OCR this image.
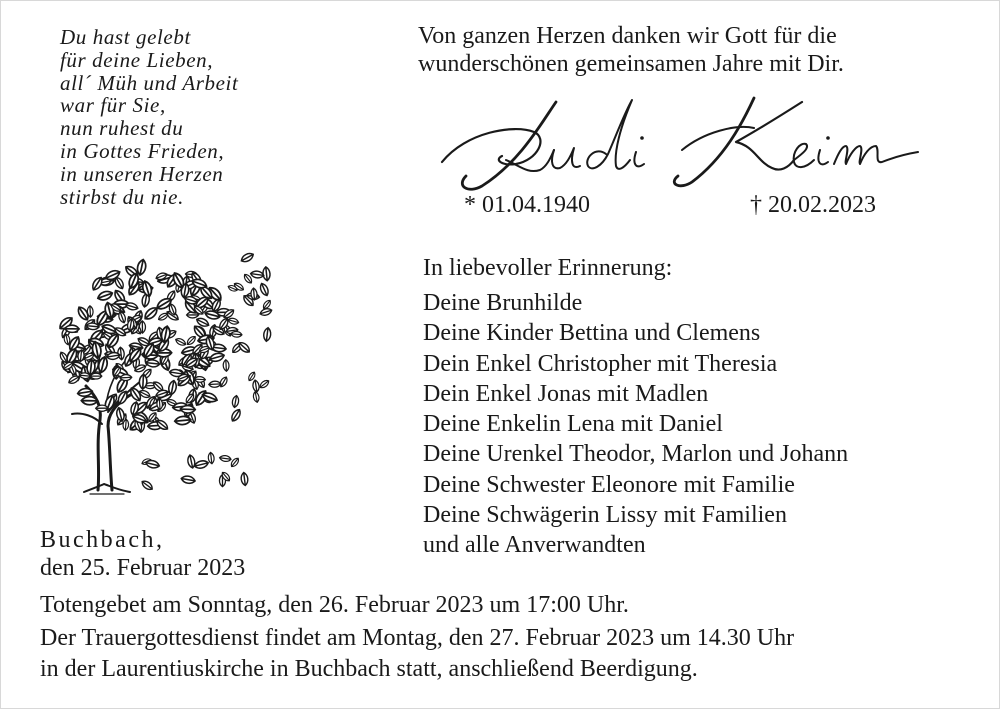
Du hast gelebt
für deine Lieben,
all´ Müh und Arbeit
war für Sie,
nun ruhest du
in Gottes Frieden,
in unseren Herzen
stirbst du nie.
Von ganzen Herzen danken wir Gott für die
wunderschönen gemeinsamen Jahre mit Dir.
* 01.04.1940	† 20.02.2023
In liebevoller Erinnerung:
Deine Brunhilde
Deine Kinder Bettina und Clemens
Dein Enkel Christopher mit Theresia
Dein Enkel Jonas mit Madlen
Deine Enkelin Lena mit Daniel
Deine Urenkel Theodor, Marlon und Johann
Deine Schwester Eleonore mit Familie
Deine Schwägerin Lissy mit Familien
und alle Anverwandten
Buchbach,
den 25. Februar 2023
Totengebet am Sonntag, den 26. Februar 2023 um 17:00 Uhr.
Der Trauergottesdienst findet am Montag, den 27. Februar 2023 um 14.30 Uhr
in der Laurentiuskirche in Buchbach statt, anschließend Beerdigung.
